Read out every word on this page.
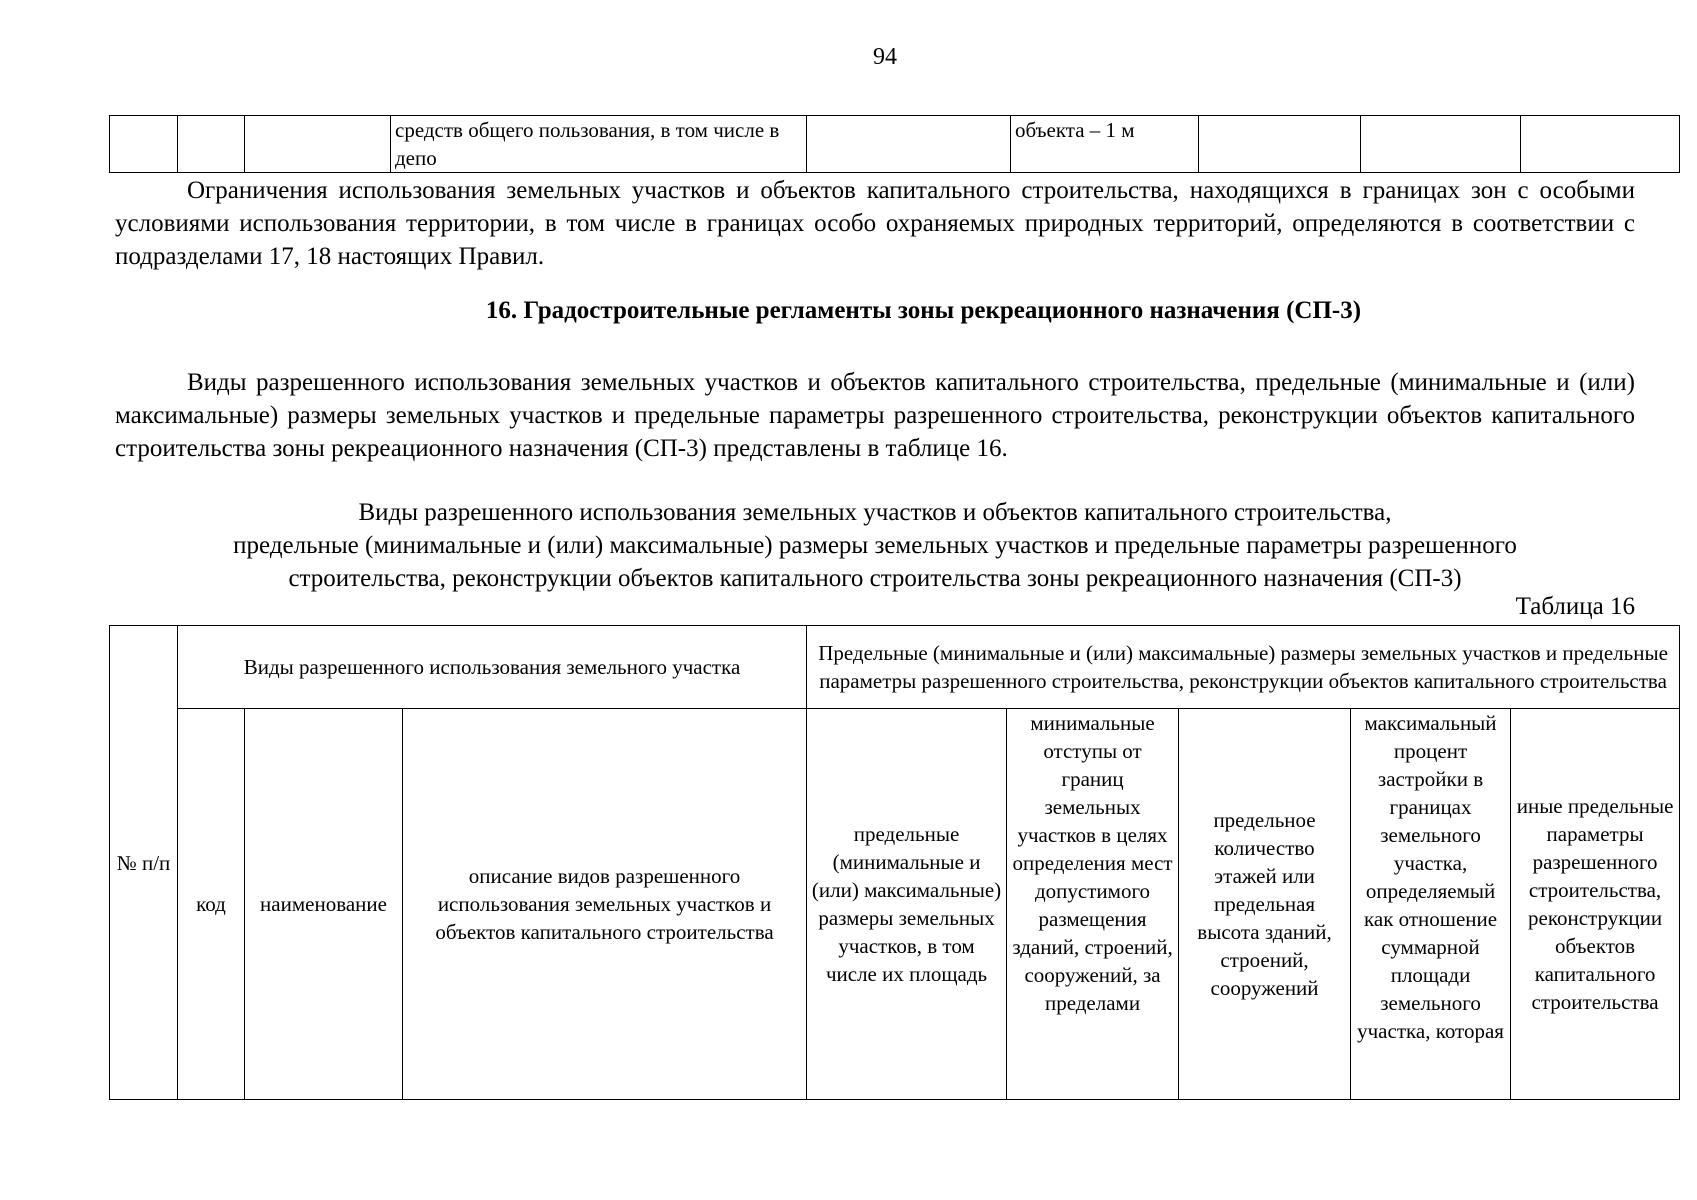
94
			средств общего пользования, в том числе в депо		объекта – 1 м			

Ограничения использования земельных участков и объектов капитального строительства, находящихся в границах зон с особыми условиями использования территории, в том числе в границах особо охраняемых природных территорий, определяются в соответствии с подразделами 17, 18 настоящих Правил.

16. Градостроительные регламенты зоны рекреационного назначения (СП-3)

Виды разрешенного использования земельных участков и объектов капитального строительства, предельные (минимальные и (или) максимальные) размеры земельных участков и предельные параметры разрешенного строительства, реконструкции объектов капитального строительства зоны рекреационного назначения (СП-3) представлены в таблице 16.

Виды разрешенного использования земельных участков и объектов капитального строительства,
предельные (минимальные и (или) максимальные) размеры земельных участков и предельные параметры разрешенного
строительства, реконструкции объектов капитального строительства зоны рекреационного назначения (СП-3)
Таблица 16
№ п/п	Виды разрешенного использования земельного участка			Предельные (минимальные и (или) максимальные) размеры земельных участков и предельные параметры разрешенного строительства, реконструкции объектов капитального строительства				

код	наименование	описание видов разрешенного использования земельных участков и объектов капитального строительства	предельные (минимальные и (или) максимальные) размеры земельных участков, в том числе их площадь	минимальные отступы от границ земельных участков в целях определения мест допустимого размещения зданий, строений, сооружений, за пределами	предельное количество этажей или предельная высота зданий, строений, сооружений	максимальный процент застройки в границах земельного участка, определяемый как отношение суммарной площади земельного участка, которая	иные предельные параметры разрешенного строительства, реконструкции объектов капитального строительства
